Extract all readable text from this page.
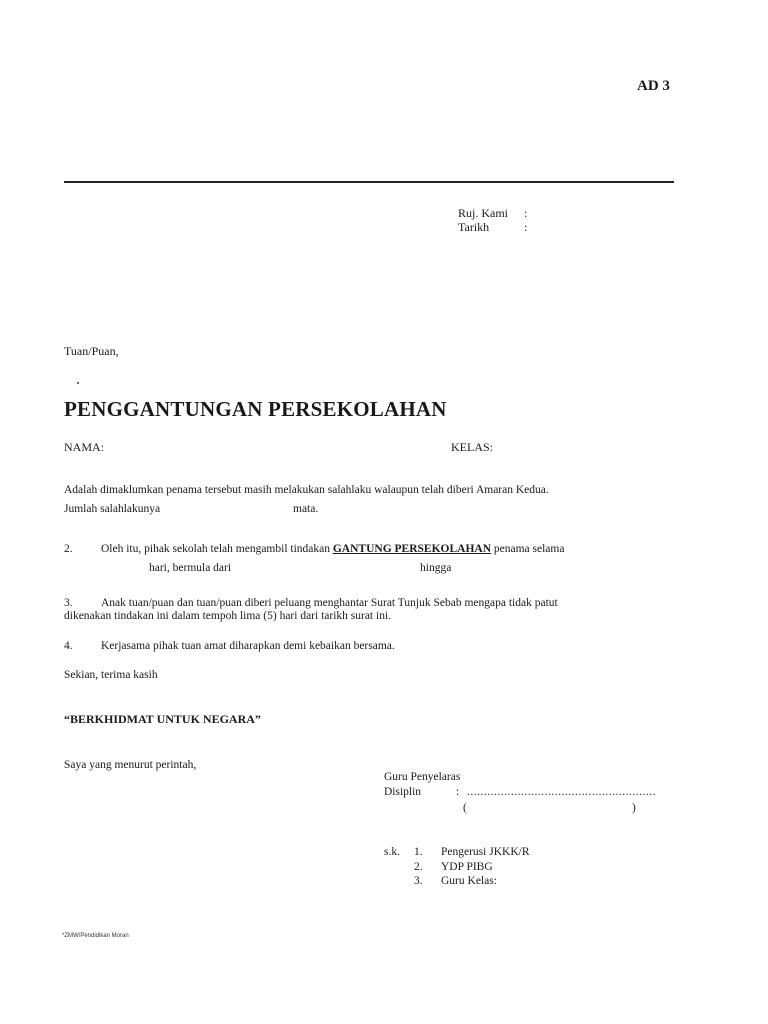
AD 3
Ruj. Kami :
Tarikh	:
Tuan/Puan,
PENGGANTUNGAN PERSEKOLAHAN
NAMA:	KELAS:
Adalah dimaklumkan penama tersebut masih melakukan salahlaku walaupun telah diberi Amaran Kedua.
Jumlah salahlakunya	mata.
2. Oleh itu, pihak sekolah telah mengambil tindakan GANTUNG PERSEKOLAHAN penama selama
hari, bermula dari	hingga
3. Anak tuan/puan dan tuan/puan diberi peluang menghantar Surat Tunjuk Sebab mengapa tidak patut
dikenakan tindakan ini dalam tempoh lima (5) hari dari tarikh surat ini.
4. Kerjasama pihak tuan amat diharapkan demi kebaikan bersama.
Sekian, terima kasih
“BERKHIDMAT UNTUK NEGARA”
Saya yang menurut perintah,
Guru Penyelaras
Disiplin	: ........................................................
(	)
s.k. 1. Pengerusi JKKK/R
2. YDP PIBG
3. Guru Kelas:
*ZMW/Pendidikan Moran
